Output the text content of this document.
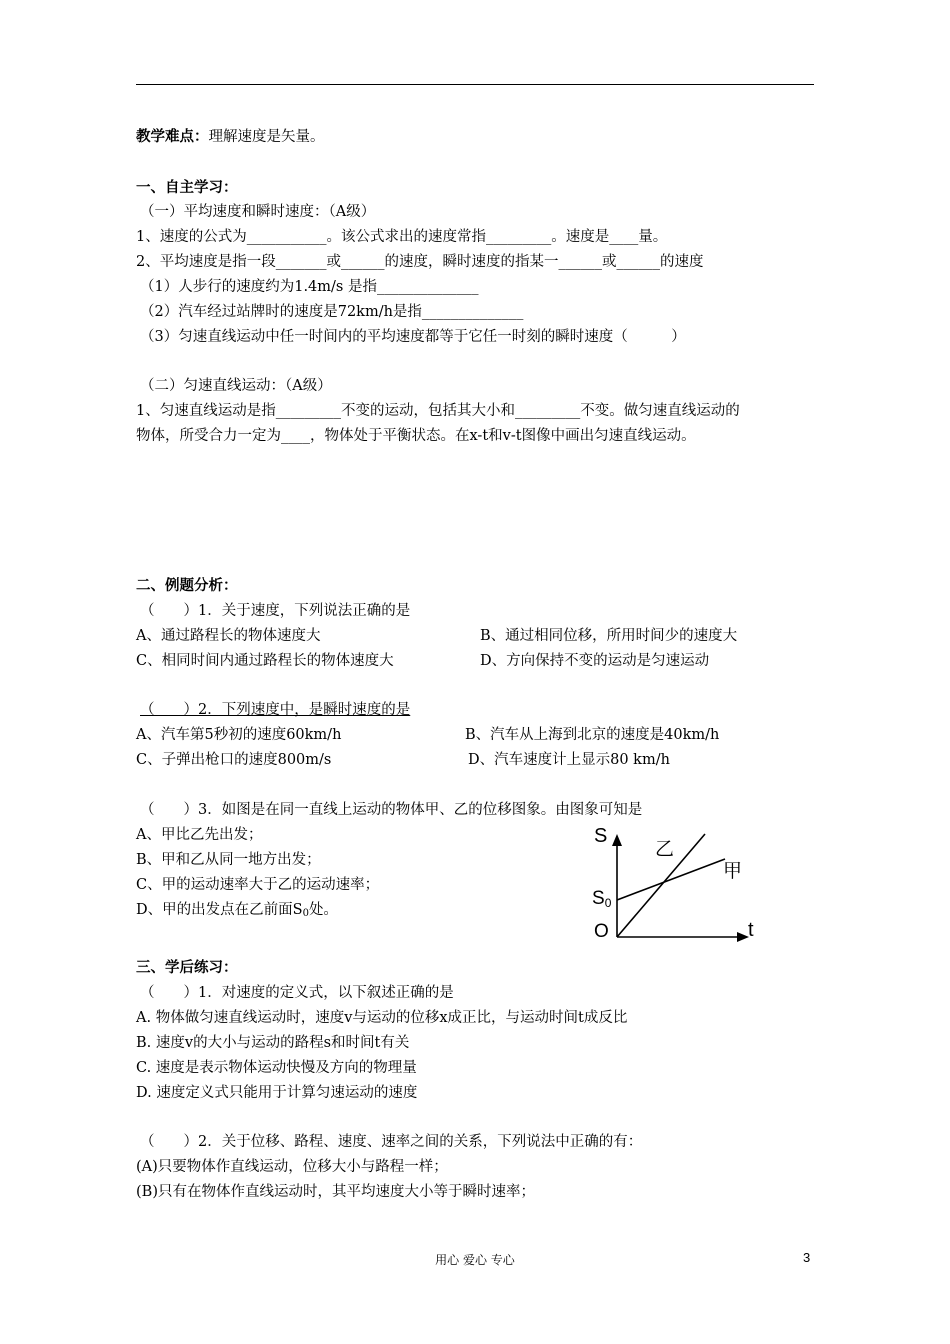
教学难点：理解速度是矢量。
一、自主学习：
（一）平均速度和瞬时速度：（A级）
1、速度的公式为___________。该公式求出的速度常指_________。速度是____量。
2、平均速度是指一段_______或______的速度，瞬时速度的指某一______或______的速度
（1）人步行的速度约为1.4m/s 是指______________
（2）汽车经过站牌时的速度是72km/h是指______________
（3）匀速直线运动中任一时间内的平均速度都等于它任一时刻的瞬时速度（　　　）
（二）匀速直线运动：（A级）
1、匀速直线运动是指_________不变的运动，包括其大小和_________不变。做匀速直线运动的
物体，所受合力一定为____，物体处于平衡状态。在x-t和v-t图像中画出匀速直线运动。
二、例题分析：
（　　）1．关于速度，下列说法正确的是
A、通过路程长的物体速度大	B、通过相同位移，所用时间少的速度大
C、相同时间内通过路程长的物体速度大	D、方向保持不变的运动是匀速运动
（　　）2．下列速度中，是瞬时速度的是
A、汽车第5秒初的速度60km/h	B、汽车从上海到北京的速度是40km/h
C、子弹出枪口的速度800m/s	D、汽车速度计上显示80 km/h
（　　）3．如图是在同一直线上运动的物体甲、乙的位移图象。由图象可知是
A、甲比乙先出发；
B、甲和乙从同一地方出发；
C、甲的运动速率大于乙的运动速率；
D、甲的出发点在乙前面$S_0$处。
S
t
O
S0
乙
甲
三、学后练习：
（　　）1．对速度的定义式，以下叙述正确的是
A. 物体做匀速直线运动时，速度v与运动的位移x成正比，与运动时间t成反比
B. 速度v的大小与运动的路程s和时间t有关
C. 速度是表示物体运动快慢及方向的物理量
D. 速度定义式只能用于计算匀速运动的速度
（　　）2．关于位移、路程、速度、速率之间的关系，下列说法中正确的有：
(A)只要物体作直线运动，位移大小与路程一样；
(B)只有在物体作直线运动时，其平均速度大小等于瞬时速率；
用心 爱心 专心	3
